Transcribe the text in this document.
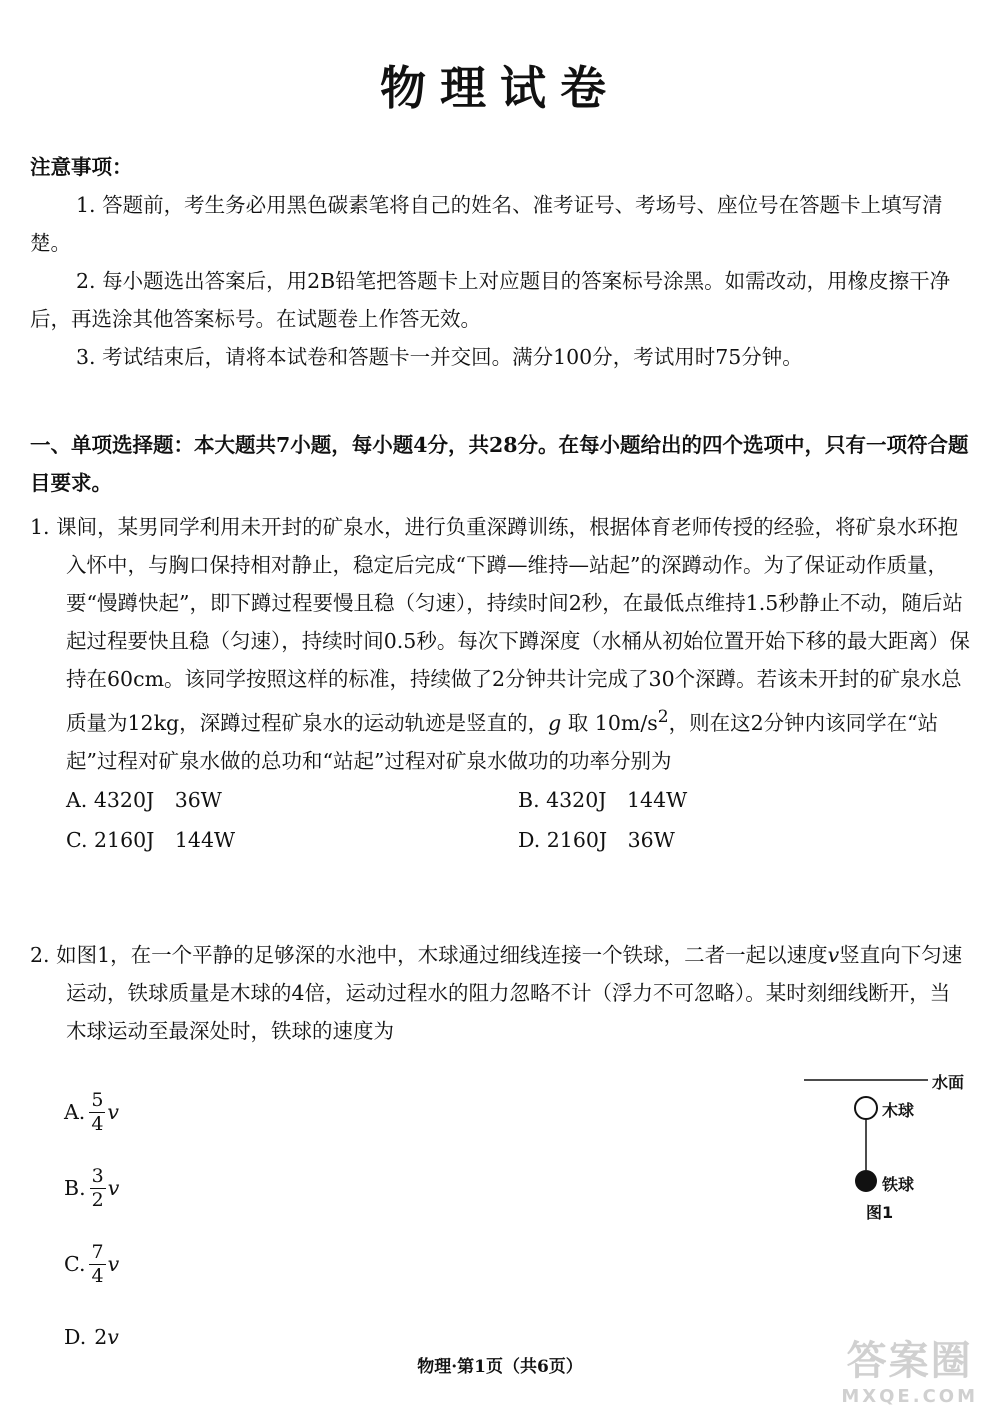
物理试卷
注意事项：
1. 答题前，考生务必用黑色碳素笔将自己的姓名、准考证号、考场号、座位号在答题卡上填写清楚。
2. 每小题选出答案后，用2B铅笔把答题卡上对应题目的答案标号涂黑。如需改动，用橡皮擦干净后，再选涂其他答案标号。在试题卷上作答无效。
3. 考试结束后，请将本试卷和答题卡一并交回。满分100分，考试用时75分钟。
一、单项选择题：本大题共7小题，每小题4分，共28分。在每小题给出的四个选项中，只有一项符合题目要求。
1. 课间，某男同学利用未开封的矿泉水，进行负重深蹲训练，根据体育老师传授的经验，将矿泉水环抱入怀中，与胸口保持相对静止，稳定后完成“下蹲—维持—站起”的深蹲动作。为了保证动作质量，要“慢蹲快起”，即下蹲过程要慢且稳（匀速），持续时间2秒，在最低点维持1.5秒静止不动，随后站起过程要快且稳（匀速），持续时间0.5秒。每次下蹲深度（水桶从初始位置开始下移的最大距离）保持在60cm。该同学按照这样的标准，持续做了2分钟共计完成了30个深蹲。若该未开封的矿泉水总质量为12kg，深蹲过程矿泉水的运动轨迹是竖直的，g 取 $10m/s^2$，则在这2分钟内该同学在“站起”过程对矿泉水做的总功和“站起”过程对矿泉水做功的功率分别为
A. 4320J　36W	B. 4320J　144W
C. 2160J　144W	D. 2160J　36W
2. 如图1，在一个平静的足够深的水池中，木球通过细线连接一个铁球，二者一起以速度v竖直向下匀速运动，铁球质量是木球的4倍，运动过程水的阻力忽略不计（浮力不可忽略）。某时刻细线断开，当木球运动至最深处时，铁球的速度为
A. $\frac{5}{4}$ v
B. $\frac{3}{2}$ v
C. $\frac{7}{4}$ v
D. 2 v
水面
木球
铁球
图1
物理·第1页（共6页）	答案圈
MXQE.COM
